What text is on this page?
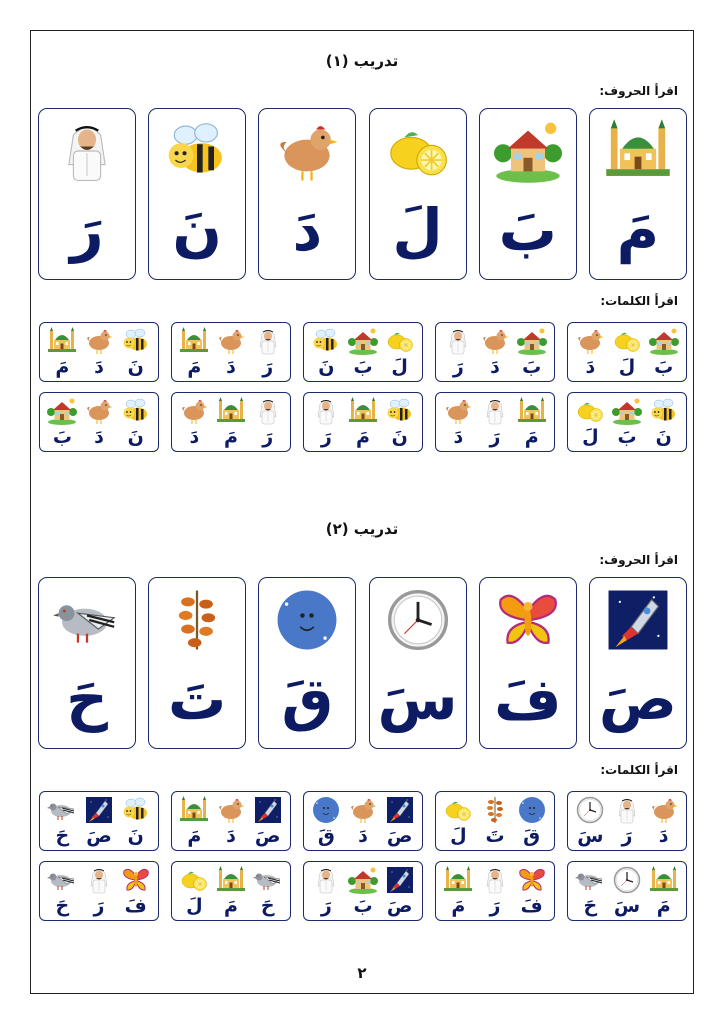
تدريب (١)
اقرأ الحروف:
مَ
بَ
لَ
دَ
نَ
رَ
اقرأ الكلمات:
بَ
لَ
دَ
بَ
دَ
رَ
لَ
بَ
نَ
رَ
دَ
مَ
نَ
دَ
مَ
نَ
بَ
لَ
مَ
رَ
دَ
نَ
مَ
رَ
رَ
مَ
دَ
نَ
دَ
بَ
تدريب (٢)
اقرأ الحروف:
صَ
فَ
سَ
قَ
تَ
حَ
اقرأ الكلمات:
دَ
رَ
سَ
قَ
تَ
لَ
صَ
دَ
قَ
صَ
دَ
مَ
نَ
صَ
حَ
مَ
سَ
حَ
فَ
رَ
مَ
صَ
بَ
رَ
حَ
مَ
لَ
فَ
رَ
حَ
٢
